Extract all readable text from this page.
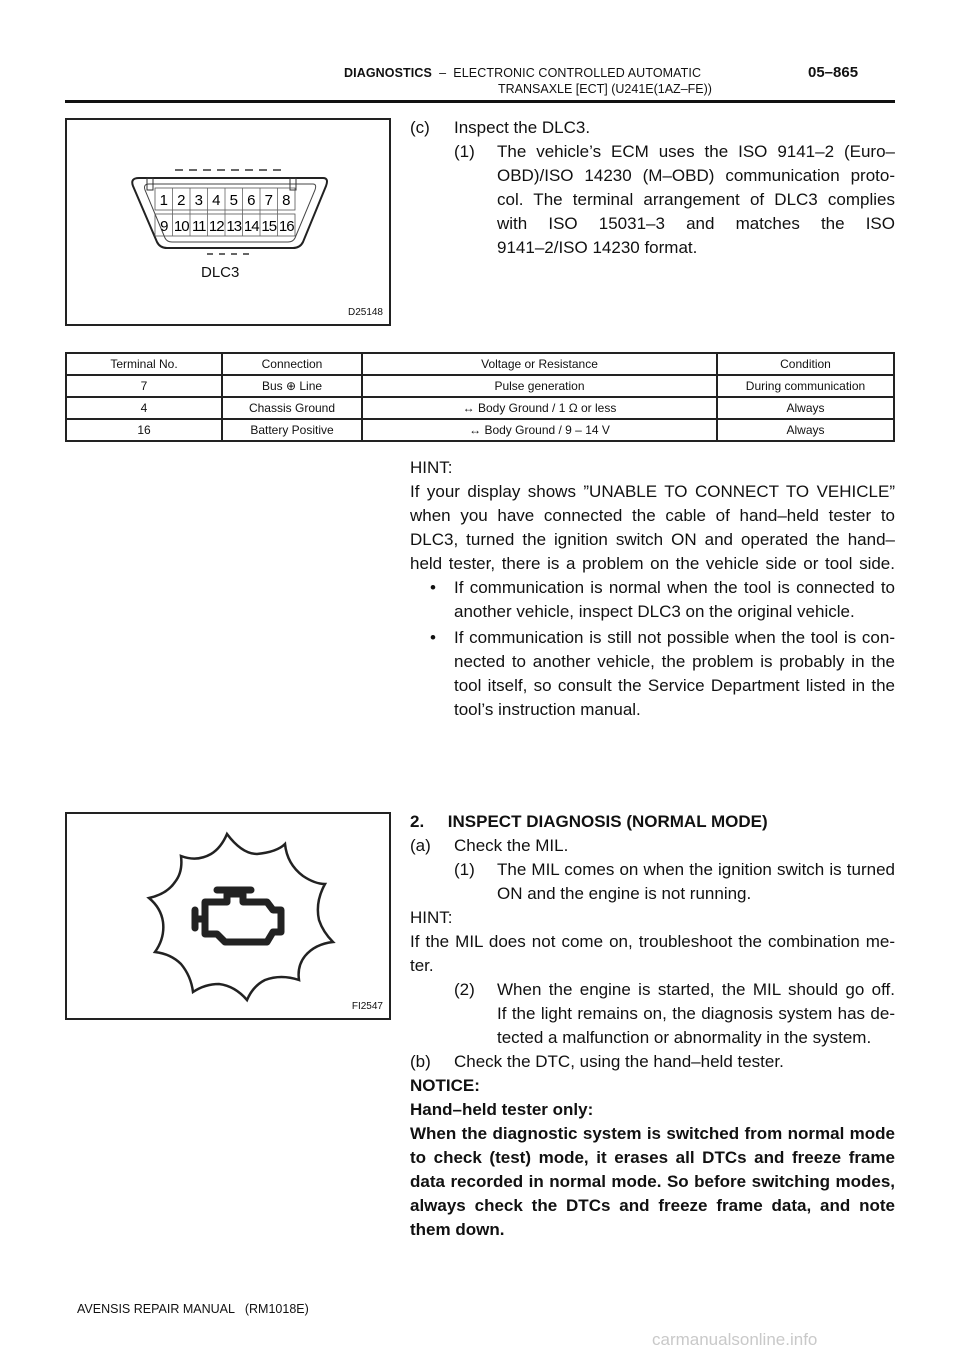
DIAGNOSTICS – ELECTRONIC CONTROLLED AUTOMATIC
TRANSAXLE [ECT] (U241E(1AZ–FE))
05–865
1 2 3 4 5 6 7 8
9 10 11 12 13 14 15 16
DLC3
D25148
(c) Inspect the DLC3.
(1) The vehicle’s ECM uses the ISO 9141–2 (Euro–
OBD)/ISO 14230 (M–OBD) communication proto-
col. The terminal arrangement of DLC3 complies
with ISO 15031–3 and matches the ISO
9141–2/ISO 14230 format.
Terminal No.	Connection	Voltage or Resistance	Condition
7	Bus ⊕ Line	Pulse generation	During communication
4	Chassis Ground	↔ Body Ground / 1 Ω or less	Always
16	Battery Positive	↔ Body Ground / 9 – 14 V	Always
HINT:
If your display shows ”UNABLE TO CONNECT TO VEHICLE”
when you have connected the cable of hand–held tester to
DLC3, turned the ignition switch ON and operated the hand–
held tester, there is a problem on the vehicle side or tool side.
• If communication is normal when the tool is connected to
another vehicle, inspect DLC3 on the original vehicle.
• If communication is still not possible when the tool is con-
nected to another vehicle, the problem is probably in the
tool itself, so consult the Service Department listed in the
tool’s instruction manual.
FI2547
2.     INSPECT DIAGNOSIS (NORMAL MODE)
(a) Check the MIL.
(1) The MIL comes on when the ignition switch is turned
ON and the engine is not running.
HINT:
If the MIL does not come on, troubleshoot the combination me-
ter.
(2) When the engine is started, the MIL should go off.
If the light remains on, the diagnosis system has de-
tected a malfunction or abnormality in the system.
(b) Check the DTC, using the hand–held tester.
NOTICE:
Hand–held tester only:
When the diagnostic system is switched from normal mode
to check (test) mode, it erases all DTCs and freeze frame
data recorded in normal mode. So before switching modes,
always check the DTCs and freeze frame data, and note
them down.
AVENSIS REPAIR MANUAL   (RM1018E)
carmanualsonline.info
